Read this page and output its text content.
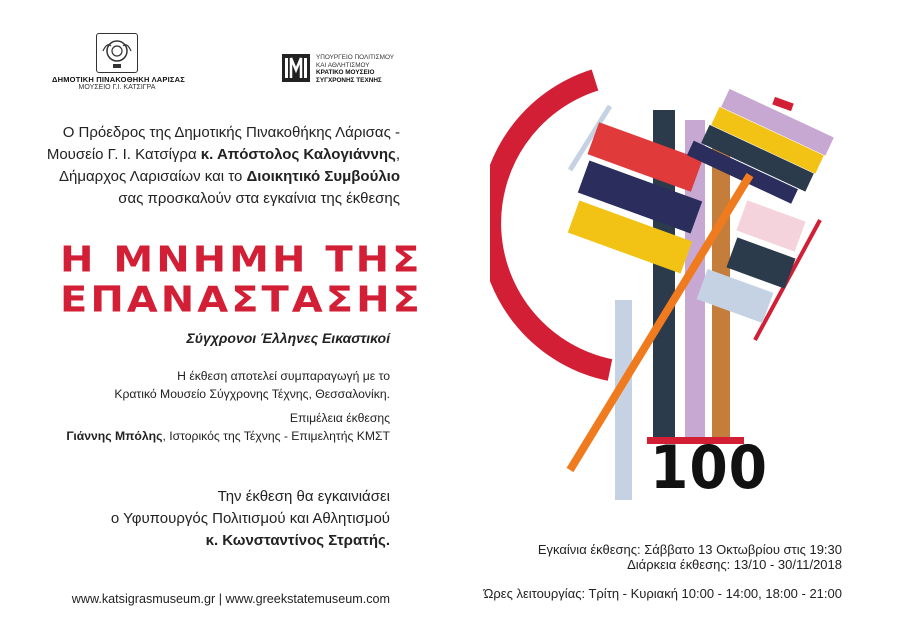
ΔΗΜΟΤΙΚΗ ΠΙΝΑΚΟΘΗΚΗ ΛΑΡΙΣΑΣ
ΜΟΥΣΕΙΟ Γ.Ι. ΚΑΤΣΙΓΡΑ
ΥΠΟΥΡΓΕΙΟ ΠΟΛΙΤΙΣΜΟΥ
ΚΑΙ ΑΘΛΗΤΙΣΜΟΥ
ΚΡΑΤΙΚΟ ΜΟΥΣΕΙΟ
ΣΥΓΧΡΟΝΗΣ ΤΕΧΝΗΣ
Ο Πρόεδρος της Δημοτικής Πινακοθήκης Λάρισας -
Μουσείο Γ. Ι. Κατσίγρα κ. Απόστολος Καλογιάννης,
Δήμαρχος Λαρισαίων και το Διοικητικό Συμβούλιο
σας προσκαλούν στα εγκαίνια της έκθεσης
Η ΜΝΗΜΗ ΤΗΣ
ΕΠΑΝΑΣΤΑΣΗΣ
Σύγχρονοι Έλληνες Εικαστικοί
Η έκθεση αποτελεί συμπαραγωγή με το
Κρατικό Μουσείο Σύγχρονης Τέχνης, Θεσσαλονίκη.
Επιμέλεια έκθεσης
Γιάννης Μπόλης, Ιστορικός της Τέχνης - Επιμελητής ΚΜΣΤ
Την έκθεση θα εγκαινιάσει
ο Υφυπουργός Πολιτισμού και Αθλητισμού
κ. Κωνσταντίνος Στρατής.
www.katsigrasmuseum.gr | www.greekstatemuseum.com
100
Εγκαίνια έκθεσης: Σάββατο 13 Οκτωβρίου στις 19:30
Διάρκεια έκθεσης: 13/10 - 30/11/2018
Ώρες λειτουργίας: Τρίτη - Κυριακή 10:00 - 14:00, 18:00 - 21:00
